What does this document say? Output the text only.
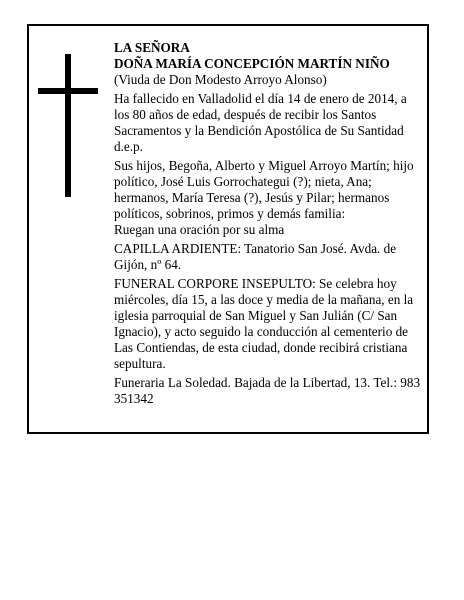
LA SEÑORA
DOÑA MARÍA CONCEPCIÓN MARTÍN NIÑO

(Viuda de Don Modesto Arroyo Alonso)

Ha fallecido en Valladolid el día 14 de enero de 2014, a los 80 años de edad, después de recibir los Santos Sacramentos y la Bendición Apostólica de Su Santidad

d.e.p.

Sus hijos, Begoña, Alberto y Miguel Arroyo Martín; hijo político, José Luis Gorrochategui (?); nieta, Ana; hermanos, María Teresa (?), Jesús y Pilar; hermanos políticos, sobrinos, primos y demás familia:

Ruegan una oración por su alma

CAPILLA ARDIENTE: Tanatorio San José. Avda. de Gijón, nº 64.

FUNERAL CORPORE INSEPULTO: Se celebra hoy miércoles, día 15, a las doce y media de la mañana, en la iglesia parroquial de San Miguel y San Julián (C/ San Ignacio), y acto seguido la conducción al cementerio de Las Contiendas, de esta ciudad, donde recibirá cristiana sepultura.

Funeraria La Soledad. Bajada de la Libertad, 13. Tel.: 983 351342
